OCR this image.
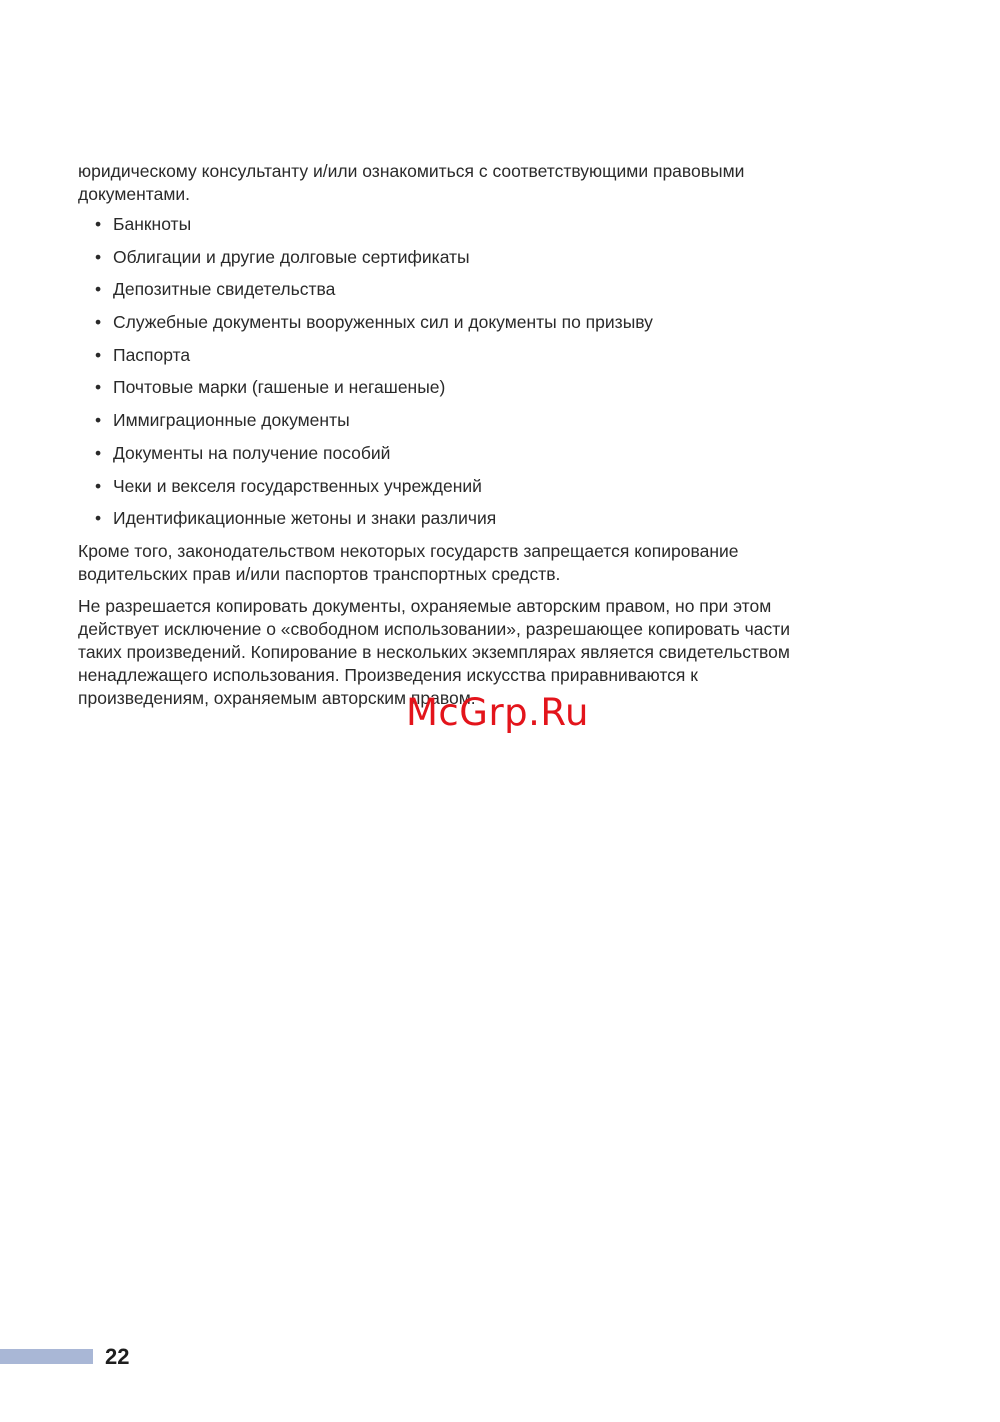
юридическому консультанту и/или ознакомиться с соответствующими правовыми
документами.

• Банкноты
• Облигации и другие долговые сертификаты
• Депозитные свидетельства
• Служебные документы вооруженных сил и документы по призыву
• Паспорта
• Почтовые марки (гашеные и негашеные)
• Иммиграционные документы
• Документы на получение пособий
• Чеки и векселя государственных учреждений
• Идентификационные жетоны и знаки различия

Кроме того, законодательством некоторых государств запрещается копирование
водительских прав и/или паспортов транспортных средств.

Не разрешается копировать документы, охраняемые авторским правом, но при этом
действует исключение о «свободном использовании», разрешающее копировать части
таких произведений. Копирование в нескольких экземплярах является свидетельством
ненадлежащего использования. Произведения искусства приравниваются к
произведениям, охраняемым авторским правом.

McGrp.Ru
22
